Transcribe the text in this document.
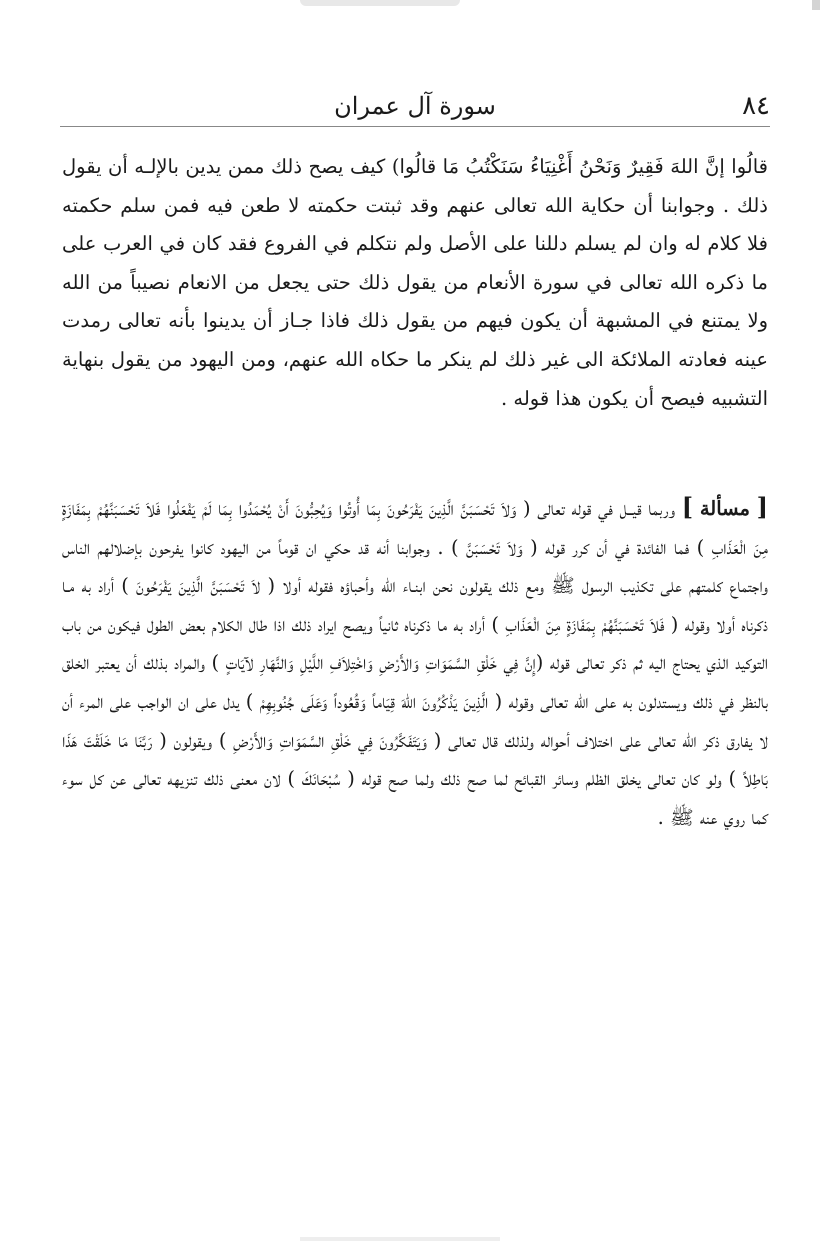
٨٤
سورة آل عمران

قالُوا إنَّ اللهَ فَقِيرٌ وَنَحْنُ أَغْنِيَاءُ سَنَكْتُبُ مَا قالُوا) كيف يصح ذلك ممن يدين بالإلـه أن يقول ذلك . وجوابنا أن حكاية الله تعالى عنهم وقد ثبتت حكمته لا طعن فيه فمن سلم حكمته فلا كلام له وان لم يسلم دللنا على الأصل ولم نتكلم في الفروع فقد كان في العرب على ما ذكره الله تعالى في سورة الأنعام من يقول ذلك حتى يجعل من الانعام نصيباً من الله ولا يمتنع في المشبهة أن يكون فيهم من يقول ذلك فاذا جـاز أن يدينوا بأنه تعالى رمدت عينه فعادته الملائكة الى غير ذلك لم ينكر ما حكاه الله عنهم، ومن اليهود من يقول بنهاية التشبيه فيصح أن يكون هذا قوله .

[ مسألة ] وربما قيــل في قوله تعالى ( وَلاَ تَحْسَبَنَّ الَّذِينَ يَفْرَحُونَ بِمَا أُوتُوا وَيُحِبُّونَ أَنْ يُحْمَدُوا بِمَا لَمْ يَفْعَلُوا فَلاَ تَحْسَبَنَّهُمْ بِمَفَازَةٍ مِنَ الْعَذَابِ ) فما الفائدة في أن كرر قوله ( وَلاَ تَحْسَبَنَّ ) . وجوابنا أنه قد حكي ان قوماً من اليهود كانوا يفرحون بإضلالهم الناس واجتماع كلمتهم على تكذيب الرسول ﷺ ومع ذلك يقولون نحن ابنـاء الله وأحباؤه فقوله أولا ( لاَ تَحْسَبَنَّ الَّذِينَ يَفْرَحُونَ ) أراد به مـا ذكرناه أولا وقوله ( فَلاَ تَحْسَبَنَّهُمْ بِمَفَازَةٍ مِنَ الْعَذَابِ ) أراد به ما ذكرناه ثانياً ويصح ايراد ذلك اذا طال الكلام بعض الطول فيكون من باب التوكيد الذي يحتاج اليه ثم ذكر تعالى قوله (إِنَّ فِي خَلْقِ السَّمَوَاتِ وَالأَرْضِ وَاخْتِلاَفِ اللَّيْلِ وَالنَّهَارِ لآيَاتٍ ) والمراد بذلك أن يعتبر الخلق بالنظر في ذلك ويستدلون به على الله تعالى وقوله ( الَّذِينَ يَذْكُرُونَ اللهَ قِيَاماً وَقُعُوداً وَعَلَى جُنُوبِهِمْ ) يدل على ان الواجب على المرء أن لا يفارق ذكر الله تعالى على اختلاف أحواله ولذلك قال تعالى ( وَيَتَفَكَّرُونَ فِي خَلْقِ السَّمَوَاتِ وَالأَرْضِ ) ويقولون ( رَبَّنَا مَا خَلَقْتَ هَذَا بَاطِلاً ) ولو كان تعالى يخلق الظلم وسائر القبائح لما صح ذلك ولما صح قوله ( سُبْحَانَكَ ) لان معنى ذلك تنزيهه تعالى عن كل سوء كما روي عنه ﷺ .
